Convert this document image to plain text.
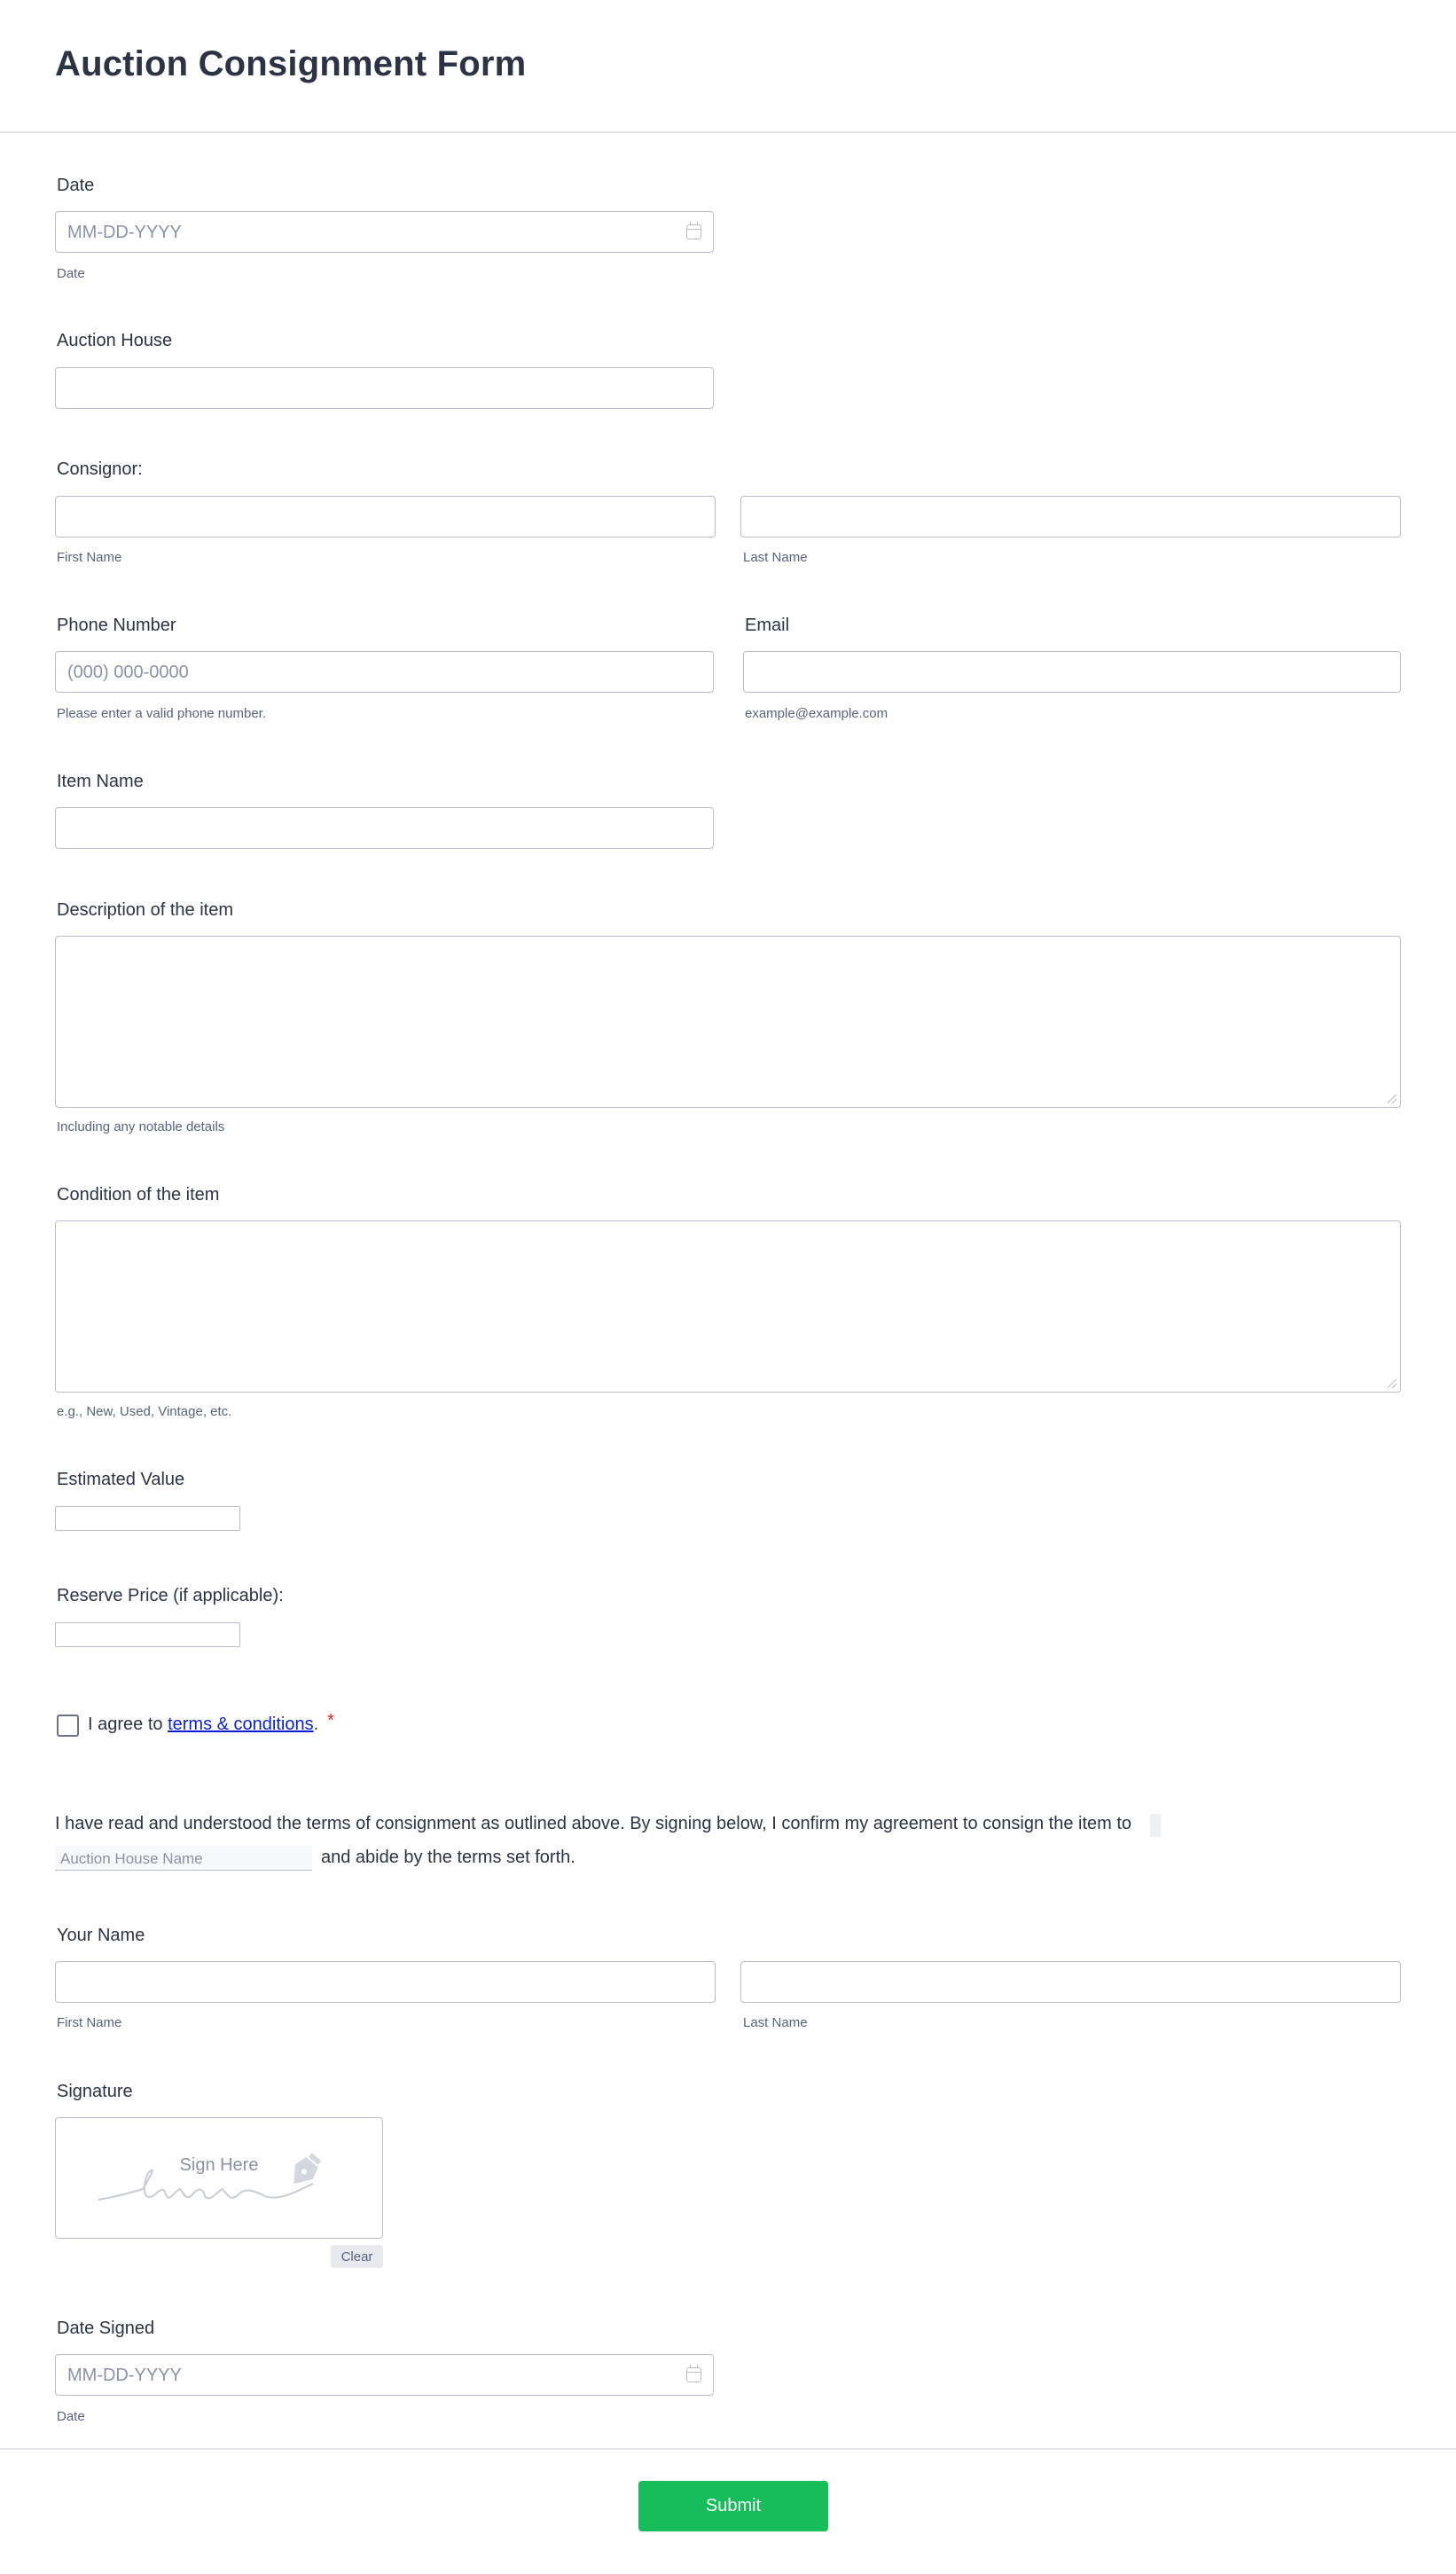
Auction Consignment Form
Date
MM-DD-YYYY
Date
Auction House
Consignor:
First Name	Last Name
Phone Number
(000) 000-0000
Please enter a valid phone number.
Email
example@example.com
Item Name
Description of the item
Including any notable details
Condition of the item
e.g., New, Used, Vintage, etc.
Estimated Value
Reserve Price (if applicable):
I agree to terms & conditions. *
I have read and understood the terms of consignment as outlined above. By signing below, I confirm my agreement to consign the item to
Auction House Name	and abide by the terms set forth.
Your Name
First Name	Last Name
Signature
Sign Here
Clear
Date Signed
MM-DD-YYYY
Date
Submit
